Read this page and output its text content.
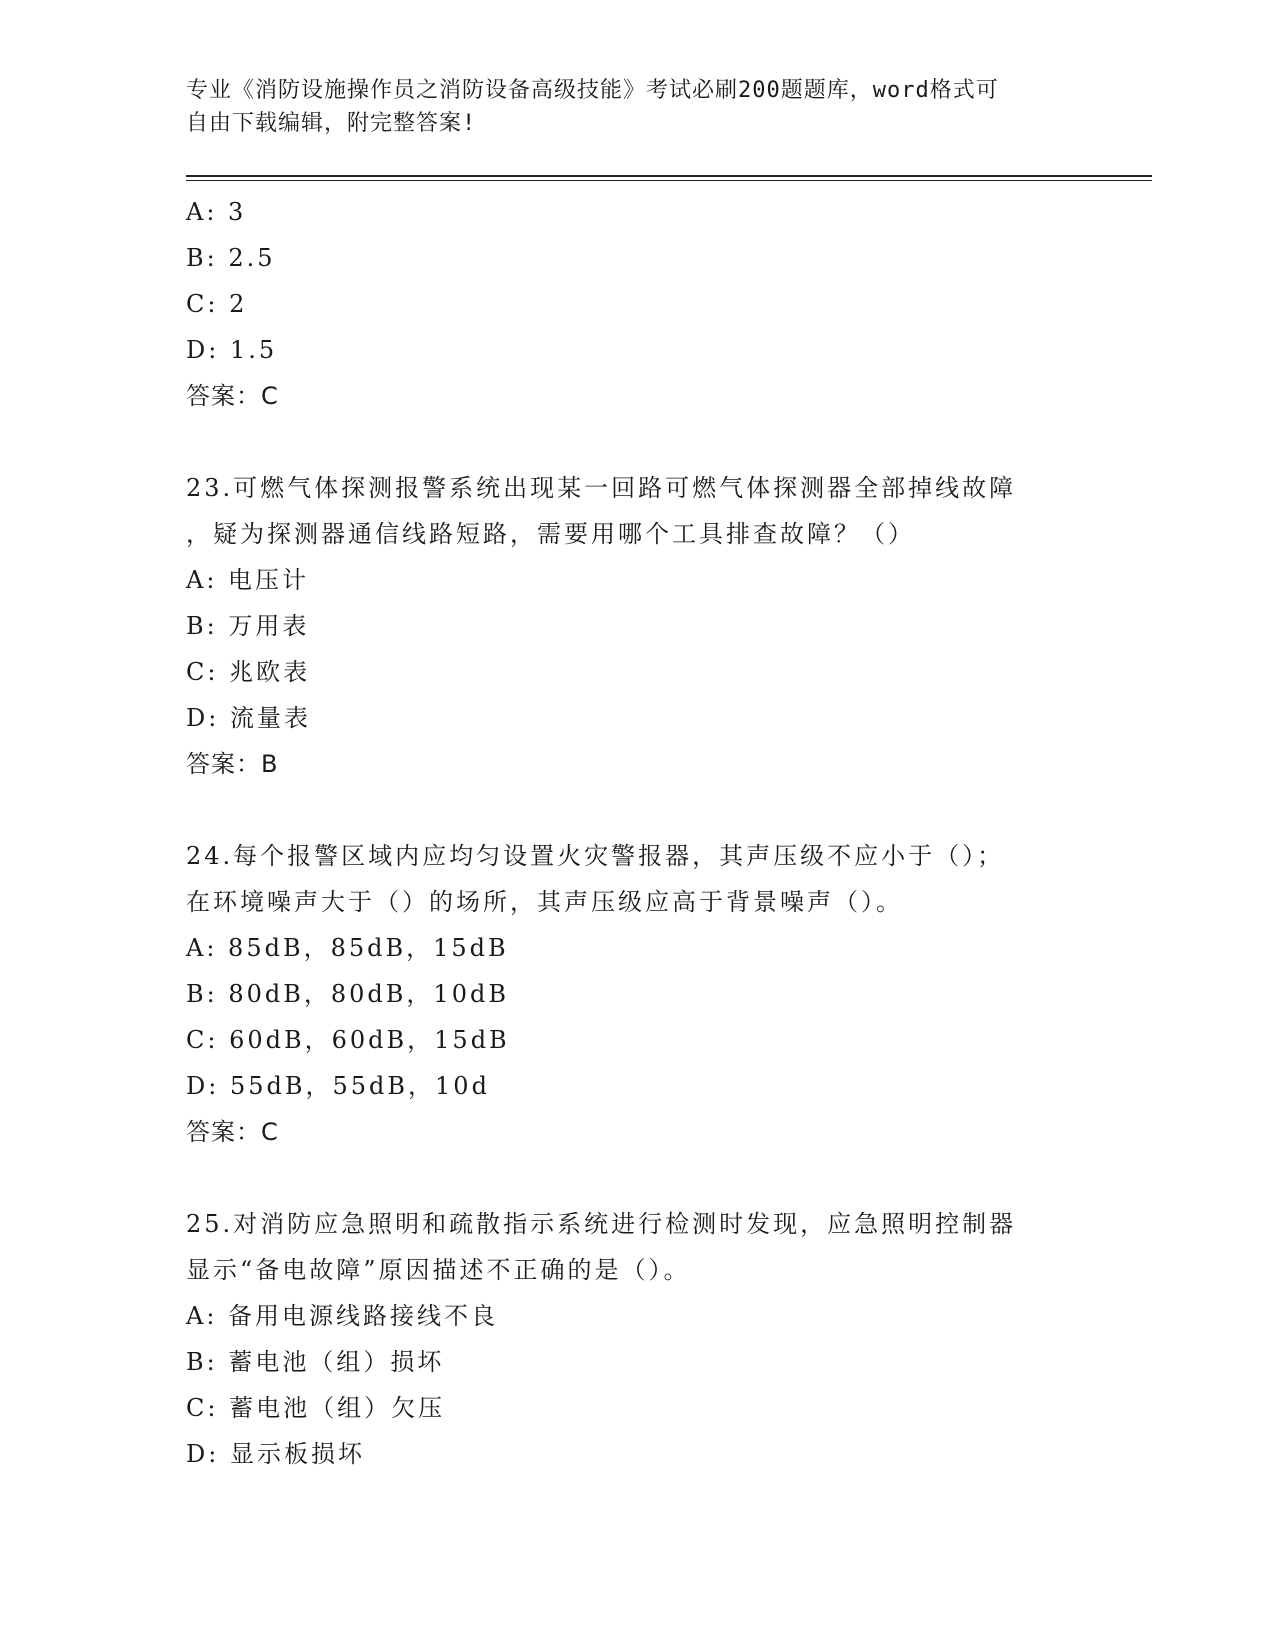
专业《消防设施操作员之消防设备高级技能》考试必刷200题题库，word格式可
自由下载编辑，附完整答案!
A: 3
B: 2.5
C: 2
D: 1.5
答案：C
23.可燃气体探测报警系统出现某一回路可燃气体探测器全部掉线故障
，疑为探测器通信线路短路，需要用哪个工具排查故障？（）
A: 电压计
B: 万用表
C: 兆欧表
D: 流量表
答案：B
24.每个报警区域内应均匀设置火灾警报器，其声压级不应小于（）；
在环境噪声大于（）的场所，其声压级应高于背景噪声（）。
A: 85dB，85dB，15dB
B: 80dB，80dB，10dB
C: 60dB，60dB，15dB
D: 55dB，55dB，10d
答案：C
25.对消防应急照明和疏散指示系统进行检测时发现，应急照明控制器
显示“备电故障”原因描述不正确的是（）。
A: 备用电源线路接线不良
B: 蓄电池（组）损坏
C: 蓄电池（组）欠压
D: 显示板损坏
